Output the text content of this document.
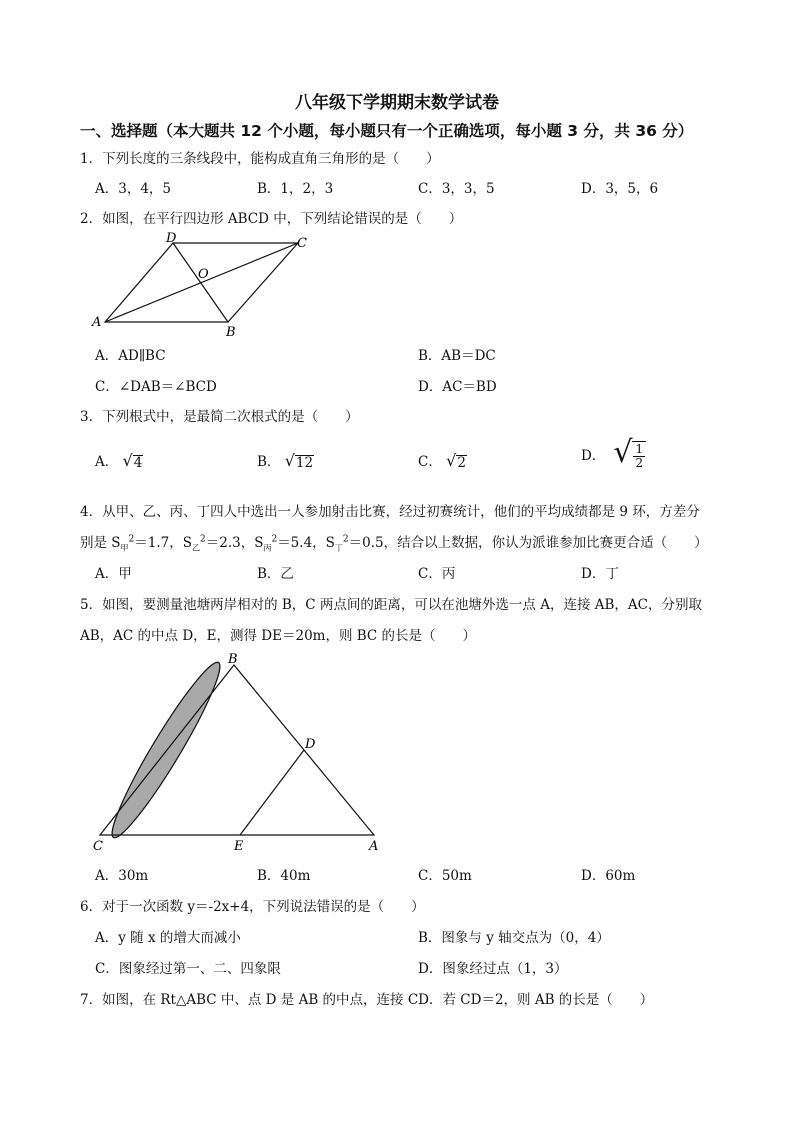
八年级下学期期末数学试卷
一、选择题（本大题共 12 个小题，每小题只有一个正确选项，每小题 3 分，共 36 分）
1．下列长度的三条线段中，能构成直角三角形的是（　　）
A．3，4，5	B．1，2，3	C．3，3，5	D．3，5，6
2．如图，在平行四边形 ABCD 中，下列结论错误的是（　　）
A
B
C
D
O
A．AD∥BC	B．AB＝DC
C．∠DAB＝∠BCD	D．AC＝BD
3．下列根式中，是最简二次根式的是（　　）
A． √ 4	B． √ 12	C． √ 2	D． √ $\frac{1}{2}$
4．从甲、乙、丙、丁四人中选出一人参加射击比赛，经过初赛统计，他们的平均成绩都是 9 环，方差分
别是 $S_甲^2=1.7$，$S_乙^2=2.3$，$S_丙^2=5.4$，$S_丁^2=0.5$，结合以上数据，你认为派谁参加比赛更合适（　　）
A．甲	B．乙	C．丙	D．丁
5．如图，要测量池塘两岸相对的 B，C 两点间的距离，可以在池塘外选一点 A，连接 AB，AC，分别取
AB，AC 的中点 D，E，测得 DE＝20m，则 BC 的长是（　　）
B
C	A
D
E
A．30m	B．40m	C．50m	D．60m
6．对于一次函数 y＝-2x+4，下列说法错误的是（　　）
A．y 随 x 的增大而减小	B．图象与 y 轴交点为（0，4）
C．图象经过第一、二、四象限	D．图象经过点（1，3）
7．如图，在 Rt△ABC 中、点 D 是 AB 的中点，连接 CD．若 CD＝2，则 AB 的长是（　　）
